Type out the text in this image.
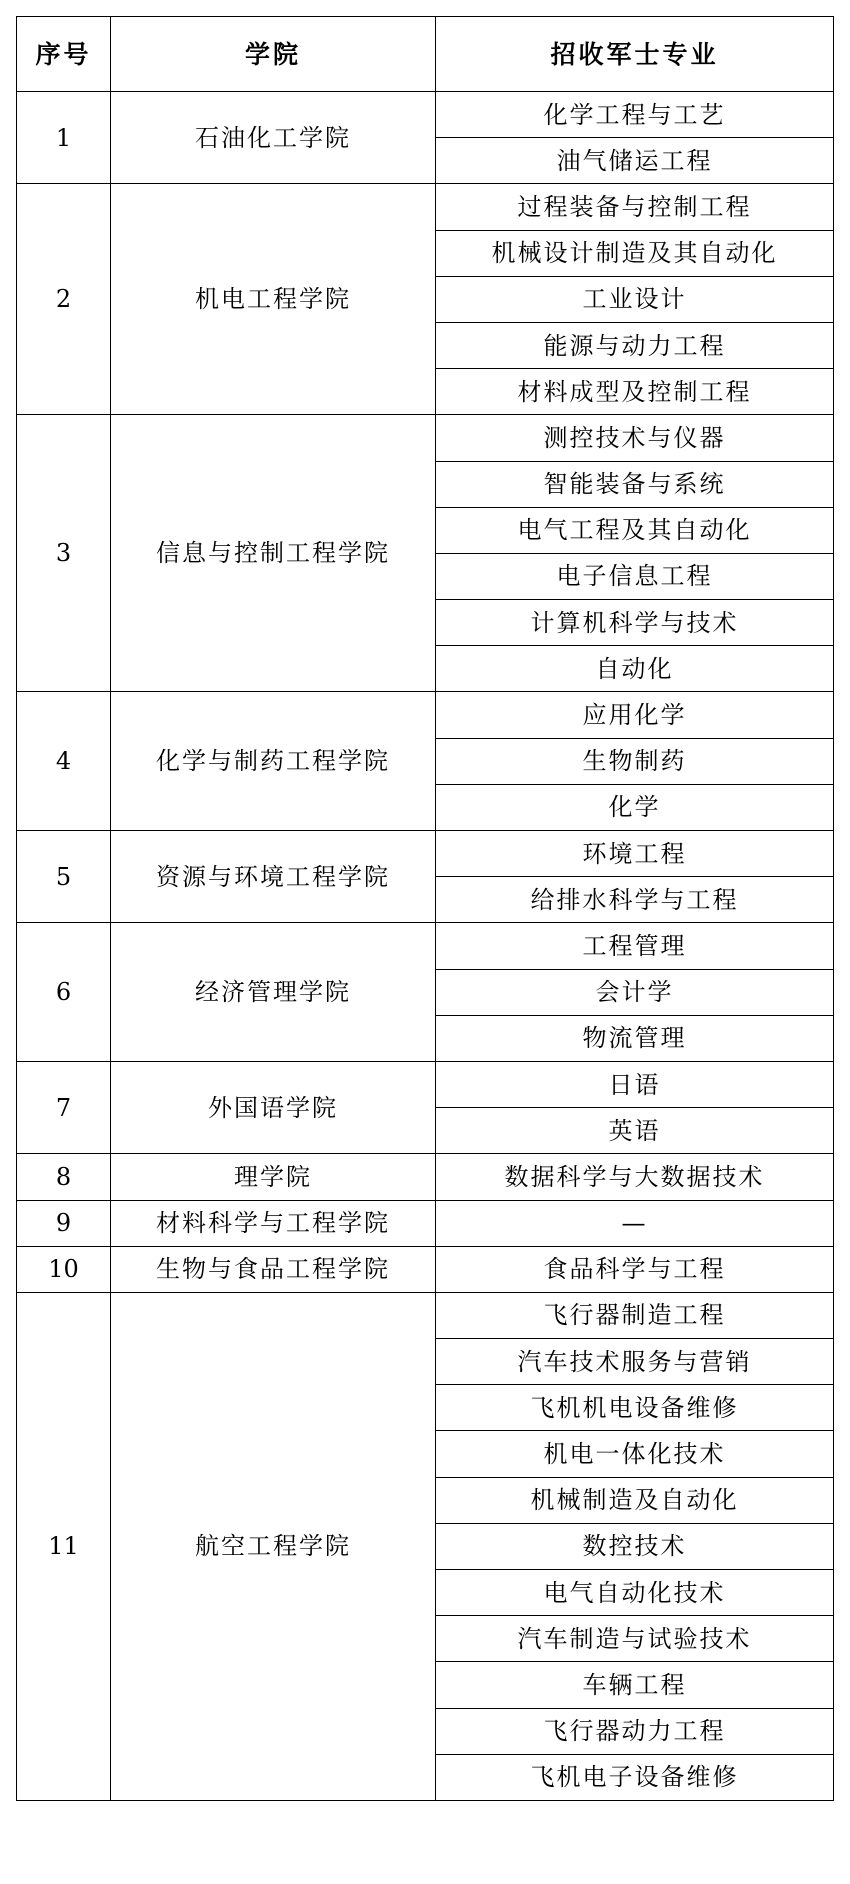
序号	学院	招收军士专业
1	石油化工学院	化学工程与工艺
		油气储运工程
2	机电工程学院	过程装备与控制工程
		机械设计制造及其自动化
		工业设计
		能源与动力工程
		材料成型及控制工程
3	信息与控制工程学院	测控技术与仪器
		智能装备与系统
		电气工程及其自动化
		电子信息工程
		计算机科学与技术
		自动化
4	化学与制药工程学院	应用化学
		生物制药
		化学
5	资源与环境工程学院	环境工程
		给排水科学与工程
6	经济管理学院	工程管理
		会计学
		物流管理
7	外国语学院	日语
		英语
8	理学院	数据科学与大数据技术
9	材料科学与工程学院	—
10	生物与食品工程学院	食品科学与工程
11	航空工程学院	飞行器制造工程
		汽车技术服务与营销
		飞机机电设备维修
		机电一体化技术
		机械制造及自动化
		数控技术
		电气自动化技术
		汽车制造与试验技术
		车辆工程
		飞行器动力工程
		飞机电子设备维修
